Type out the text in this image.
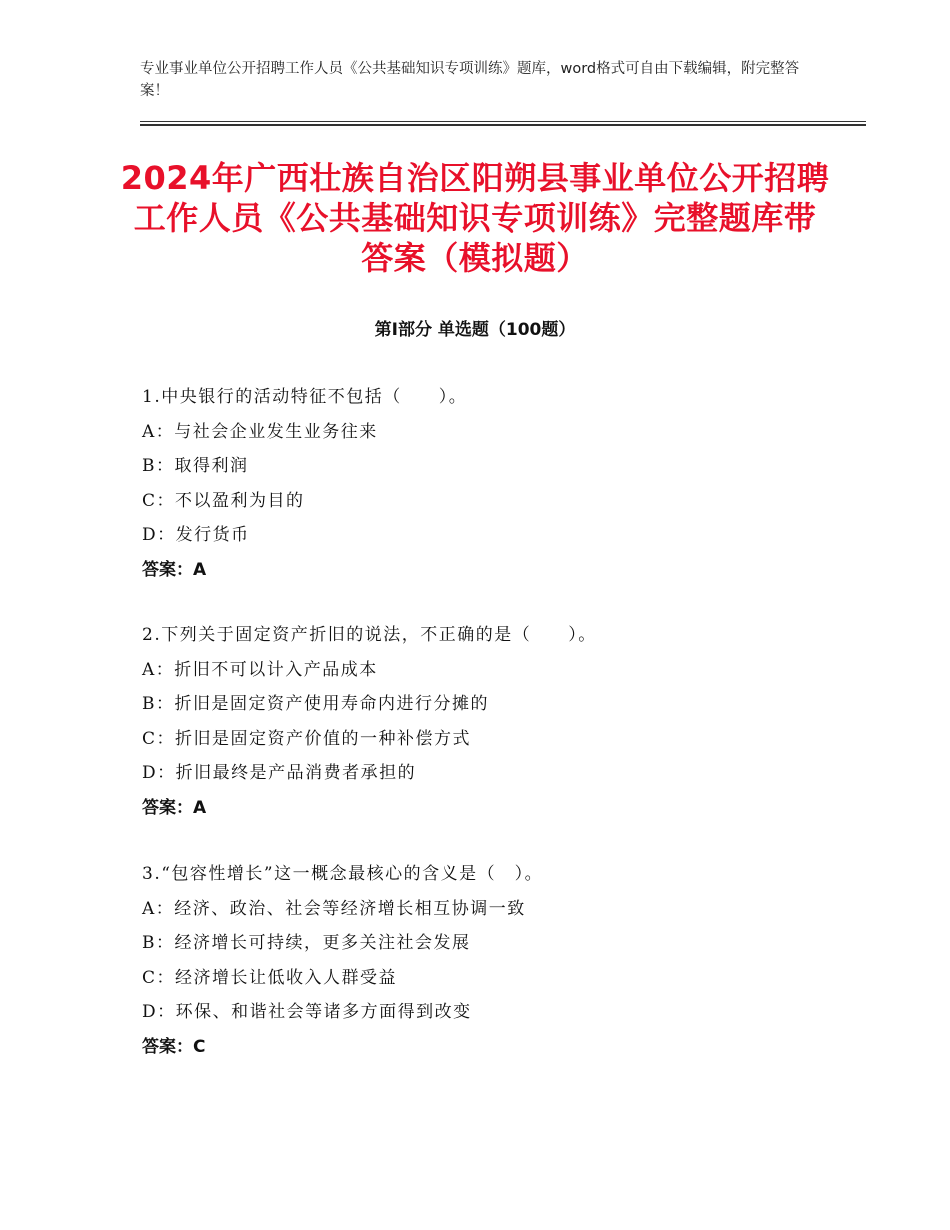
专业事业单位公开招聘工作人员《公共基础知识专项训练》题库，word格式可自由下载编辑，附完整答案！
2024年广西壮族自治区阳朔县事业单位公开招聘工作人员《公共基础知识专项训练》完整题库带答案（模拟题）
第Ⅰ部分 单选题（100题）
1.中央银行的活动特征不包括（　　）。
A：与社会企业发生业务往来
B：取得利润
C：不以盈利为目的
D：发行货币
答案：A
2.下列关于固定资产折旧的说法，不正确的是（　　）。
A：折旧不可以计入产品成本
B：折旧是固定资产使用寿命内进行分摊的
C：折旧是固定资产价值的一种补偿方式
D：折旧最终是产品消费者承担的
答案：A
3.“包容性增长”这一概念最核心的含义是（　）。
A：经济、政治、社会等经济增长相互协调一致
B：经济增长可持续，更多关注社会发展
C：经济增长让低收入人群受益
D：环保、和谐社会等诸多方面得到改变
答案：C
